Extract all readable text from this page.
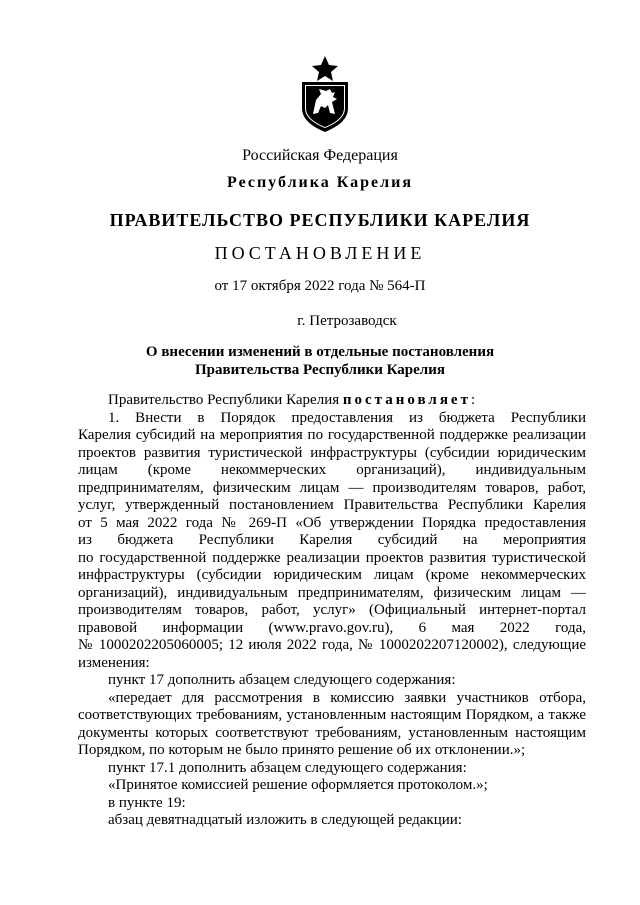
Российская Федерация
Республика Карелия
ПРАВИТЕЛЬСТВО РЕСПУБЛИКИ КАРЕЛИЯ
ПОСТАНОВЛЕНИЕ
от 17 октября 2022 года № 564-П
г. Петрозаводск
О внесении изменений в отдельные постановления
Правительства Республики Карелия

Правительство Республики Карелия постановляет:

1. Внести в Порядок предоставления из бюджета Республики

Карелия субсидий на мероприятия по государственной поддержке реализации

проектов развития туристической инфраструктуры (субсидии юридическим

лицам (кроме некоммерческих организаций), индивидуальным

предпринимателям, физическим лицам — производителям товаров, работ,

услуг, утвержденный постановлением Правительства Республики Карелия

от 5 мая 2022 года № 269-П «Об утверждении Порядка предоставления

из бюджета Республики Карелия субсидий на мероприятия

по государственной поддержке реализации проектов развития туристической

инфраструктуры (субсидии юридическим лицам (кроме некоммерческих

организаций), индивидуальным предпринимателям, физическим лицам —

производителям товаров, работ, услуг» (Официальный интернет-портал

правовой информации (www.pravo.gov.ru), 6 мая 2022 года,

№ 1000202205060005; 12 июля 2022 года, № 1000202207120002), следующие

изменения:

пункт 17 дополнить абзацем следующего содержания:

«передает для рассмотрения в комиссию заявки участников отбора,

соответствующих требованиям, установленным настоящим Порядком, а также

документы которых соответствуют требованиям, установленным настоящим

Порядком, по которым не было принято решение об их отклонении.»;

пункт 17.1 дополнить абзацем следующего содержания:

«Принятое комиссией решение оформляется протоколом.»;

в пункте 19:

абзац девятнадцатый изложить в следующей редакции:
